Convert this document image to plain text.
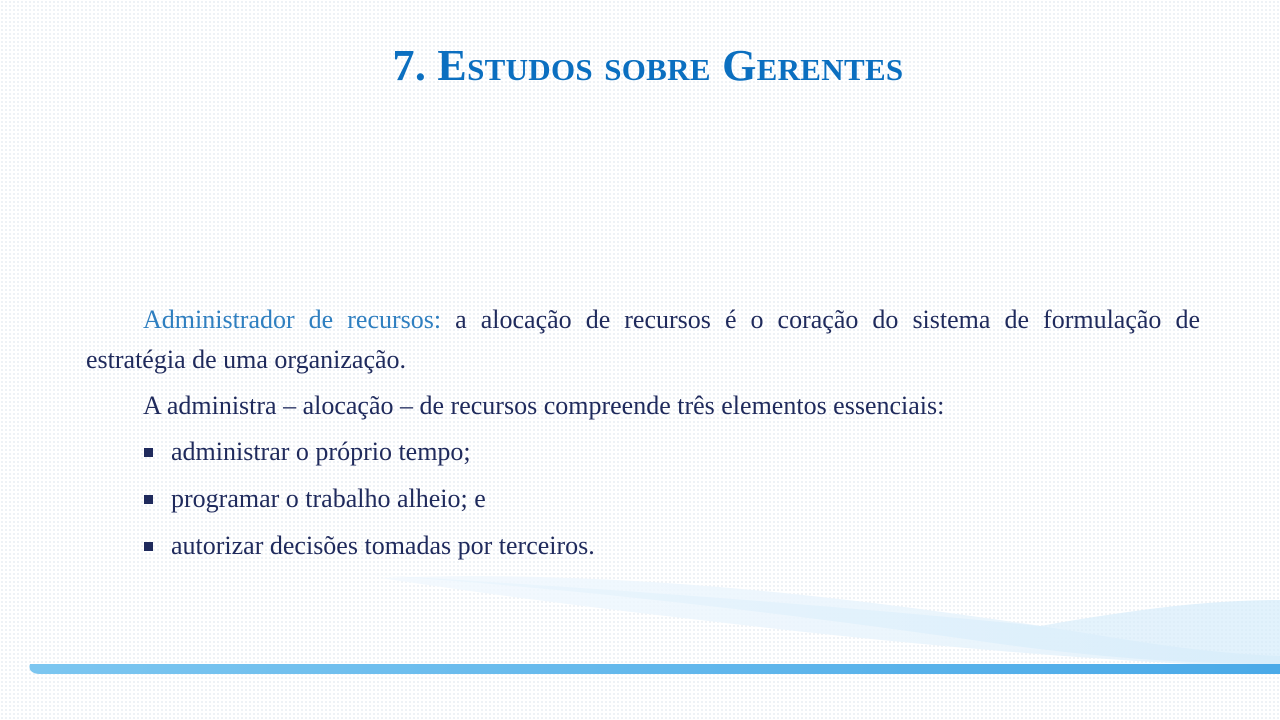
7. Estudos sobre Gerentes

Administrador de recursos: a alocação de recursos é o coração do sistema de formulação de estratégia de uma organização.

A administra – alocação – de recursos compreende três elementos essenciais:

administrar o próprio tempo;
programar o trabalho alheio; e
autorizar decisões tomadas por terceiros.
